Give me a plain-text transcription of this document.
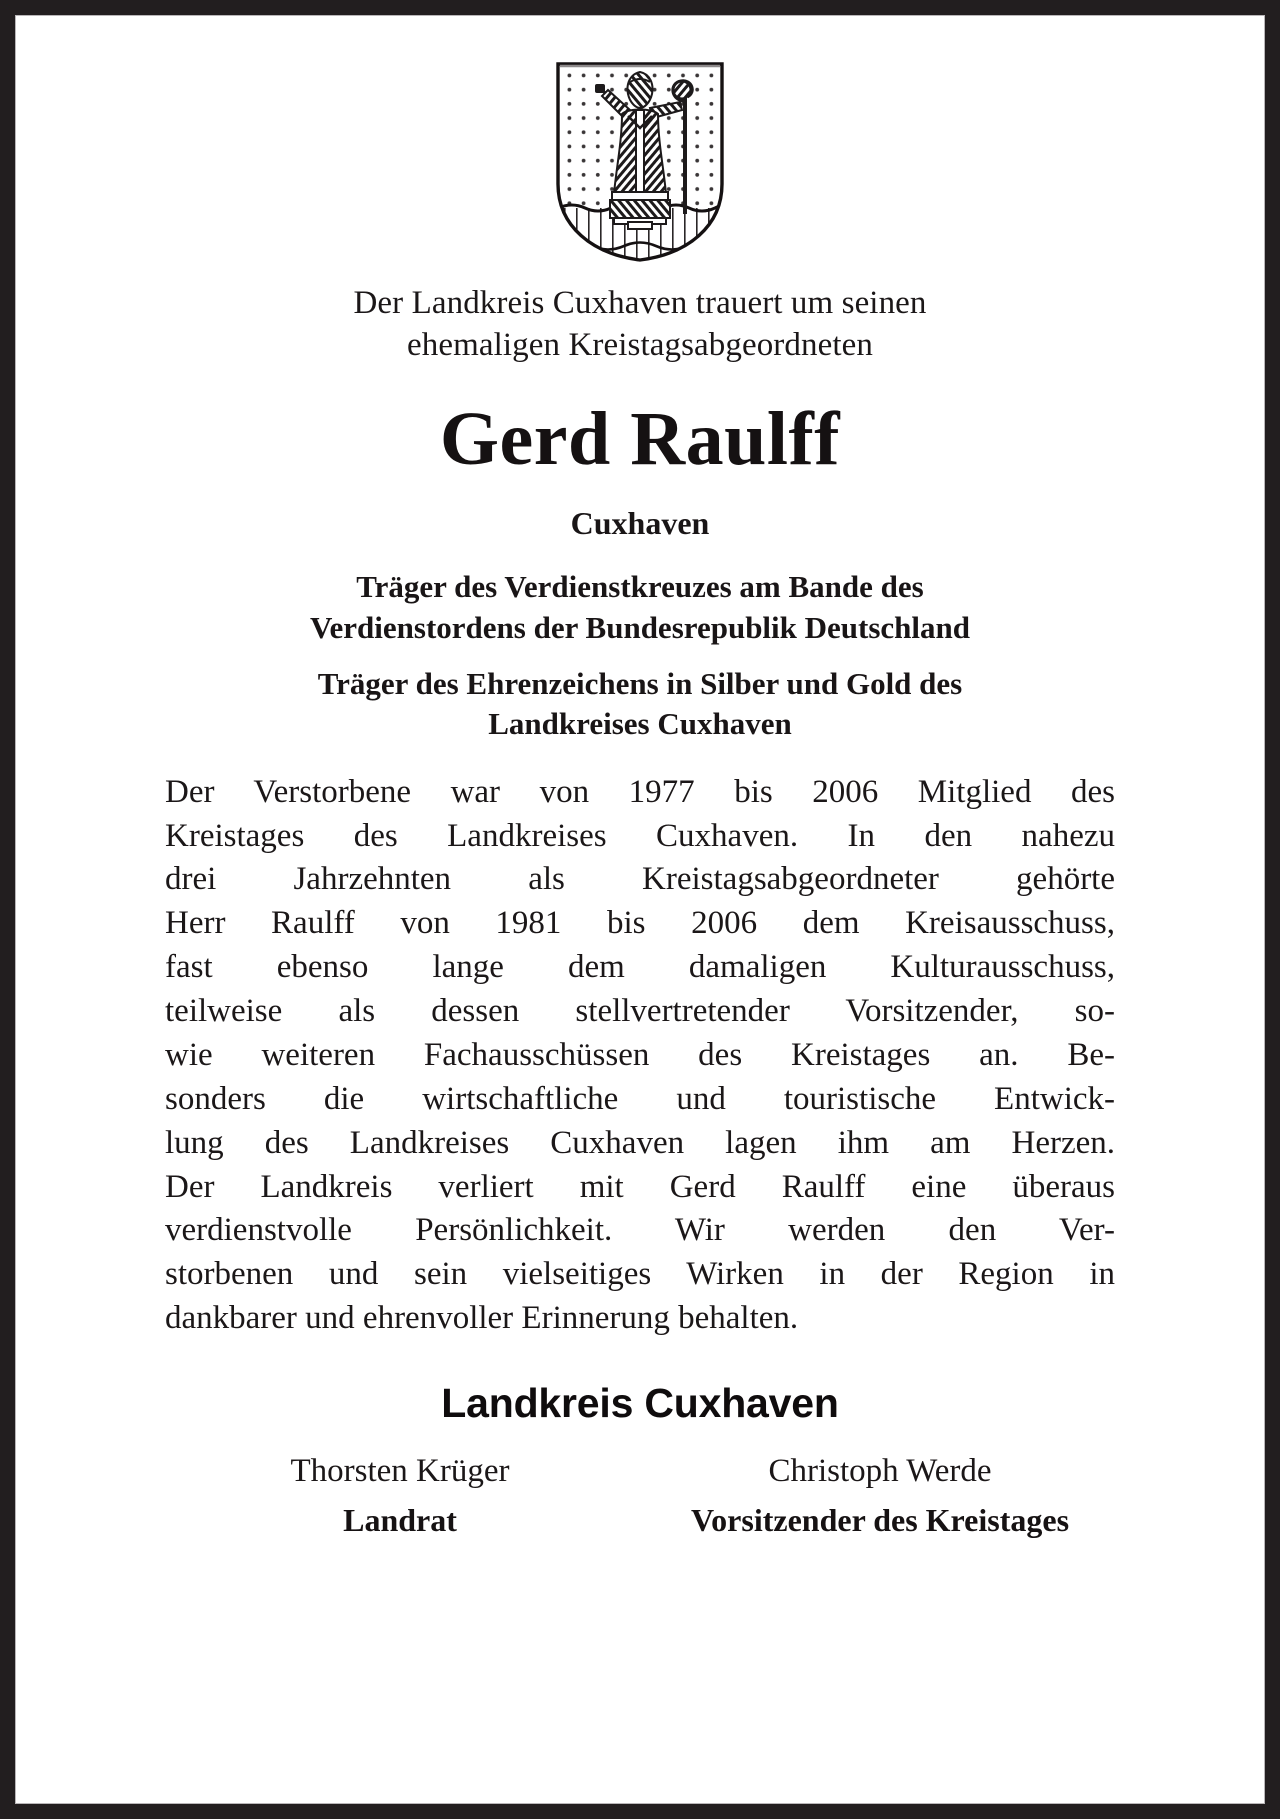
Der Landkreis Cuxhaven trauert um seinen
ehemaligen Kreistagsabgeordneten
Gerd Raulff
Cuxhaven
Träger des Verdienstkreuzes am Bande des
Verdienstordens der Bundesrepublik Deutschland
Träger des Ehrenzeichens in Silber und Gold des
Landkreises Cuxhaven
Der Verstorbene war von 1977 bis 2006 Mitglied des
Kreistages des Landkreises Cuxhaven. In den nahezu
drei Jahrzehnten als Kreistagsabgeordneter gehörte
Herr Raulff von 1981 bis 2006 dem Kreisausschuss,
fast ebenso lange dem damaligen Kulturausschuss,
teilweise als dessen stellvertretender Vorsitzender, so-
wie weiteren Fachausschüssen des Kreistages an. Be-
sonders die wirtschaftliche und touristische Entwick-
lung des Landkreises Cuxhaven lagen ihm am Herzen.
Der Landkreis verliert mit Gerd Raulff eine überaus
verdienstvolle Persönlichkeit. Wir werden den Ver-
storbenen und sein vielseitiges Wirken in der Region in
dankbarer und ehrenvoller Erinnerung behalten.
Landkreis Cuxhaven
Thorsten Krüger
Landrat
Christoph Werde
Vorsitzender des Kreistages
